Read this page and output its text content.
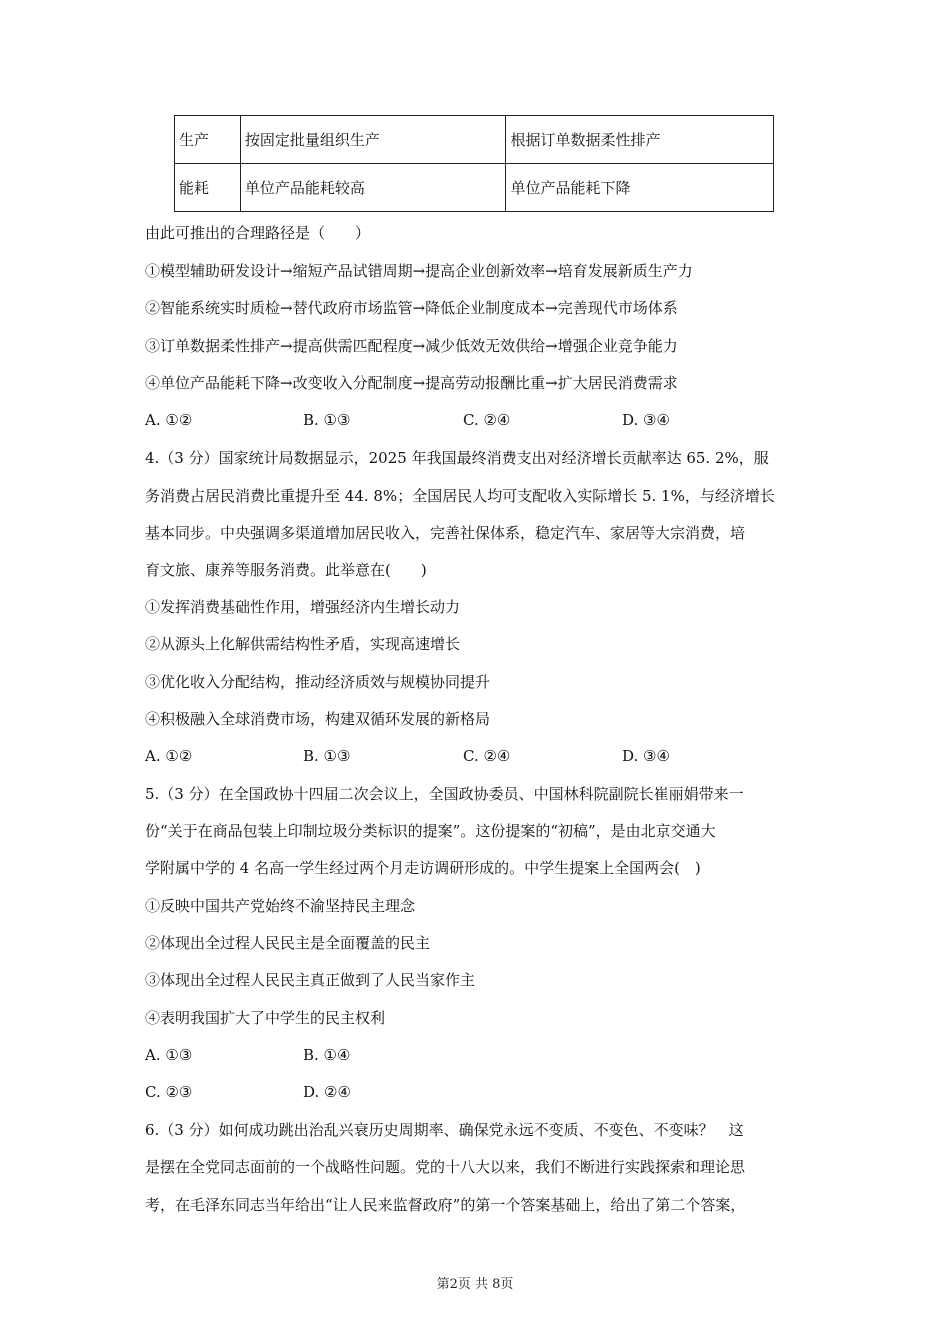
生产	按固定批量组织生产	根据订单数据柔性排产
能耗	单位产品能耗较高	单位产品能耗下降
由此可推出的合理路径是（　　）
①模型辅助研发设计→缩短产品试错周期→提高企业创新效率→培育发展新质生产力
②智能系统实时质检→替代政府市场监管→降低企业制度成本→完善现代市场体系
③订单数据柔性排产→提高供需匹配程度→减少低效无效供给→增强企业竞争能力
④单位产品能耗下降→改变收入分配制度→提高劳动报酬比重→扩大居民消费需求
A. ①②	B. ①③	C. ②④	D. ③④
4.（3 分）国家统计局数据显示，2025 年我国最终消费支出对经济增长贡献率达 65. 2%，服
务消费占居民消费比重提升至 44. 8%；全国居民人均可支配收入实际增长 5. 1%，与经济增长
基本同步。中央强调多渠道增加居民收入，完善社保体系，稳定汽车、家居等大宗消费，培
育文旅、康养等服务消费。此举意在(　　)
①发挥消费基础性作用，增强经济内生增长动力
②从源头上化解供需结构性矛盾，实现高速增长
③优化收入分配结构，推动经济质效与规模协同提升
④积极融入全球消费市场，构建双循环发展的新格局
A. ①②	B. ①③	C. ②④	D. ③④
5.（3 分）在全国政协十四届二次会议上，全国政协委员、中国林科院副院长崔丽娟带来一
份“关于在商品包装上印制垃圾分类标识的提案”。这份提案的“初稿”，是由北京交通大
学附属中学的 4 名高一学生经过两个月走访调研形成的。中学生提案上全国两会(　)
①反映中国共产党始终不渝坚持民主理念
②体现出全过程人民民主是全面覆盖的民主
③体现出全过程人民民主真正做到了人民当家作主
④表明我国扩大了中学生的民主权利
A. ①③	B. ①④
C. ②③	D. ②④
6.（3 分）如何成功跳出治乱兴衰历史周期率、确保党永远不变质、不变色、不变味？　这
是摆在全党同志面前的一个战略性问题。党的十八大以来，我们不断进行实践探索和理论思
考，在毛泽东同志当年给出“让人民来监督政府”的第一个答案基础上，给出了第二个答案，
第2页 共 8页
